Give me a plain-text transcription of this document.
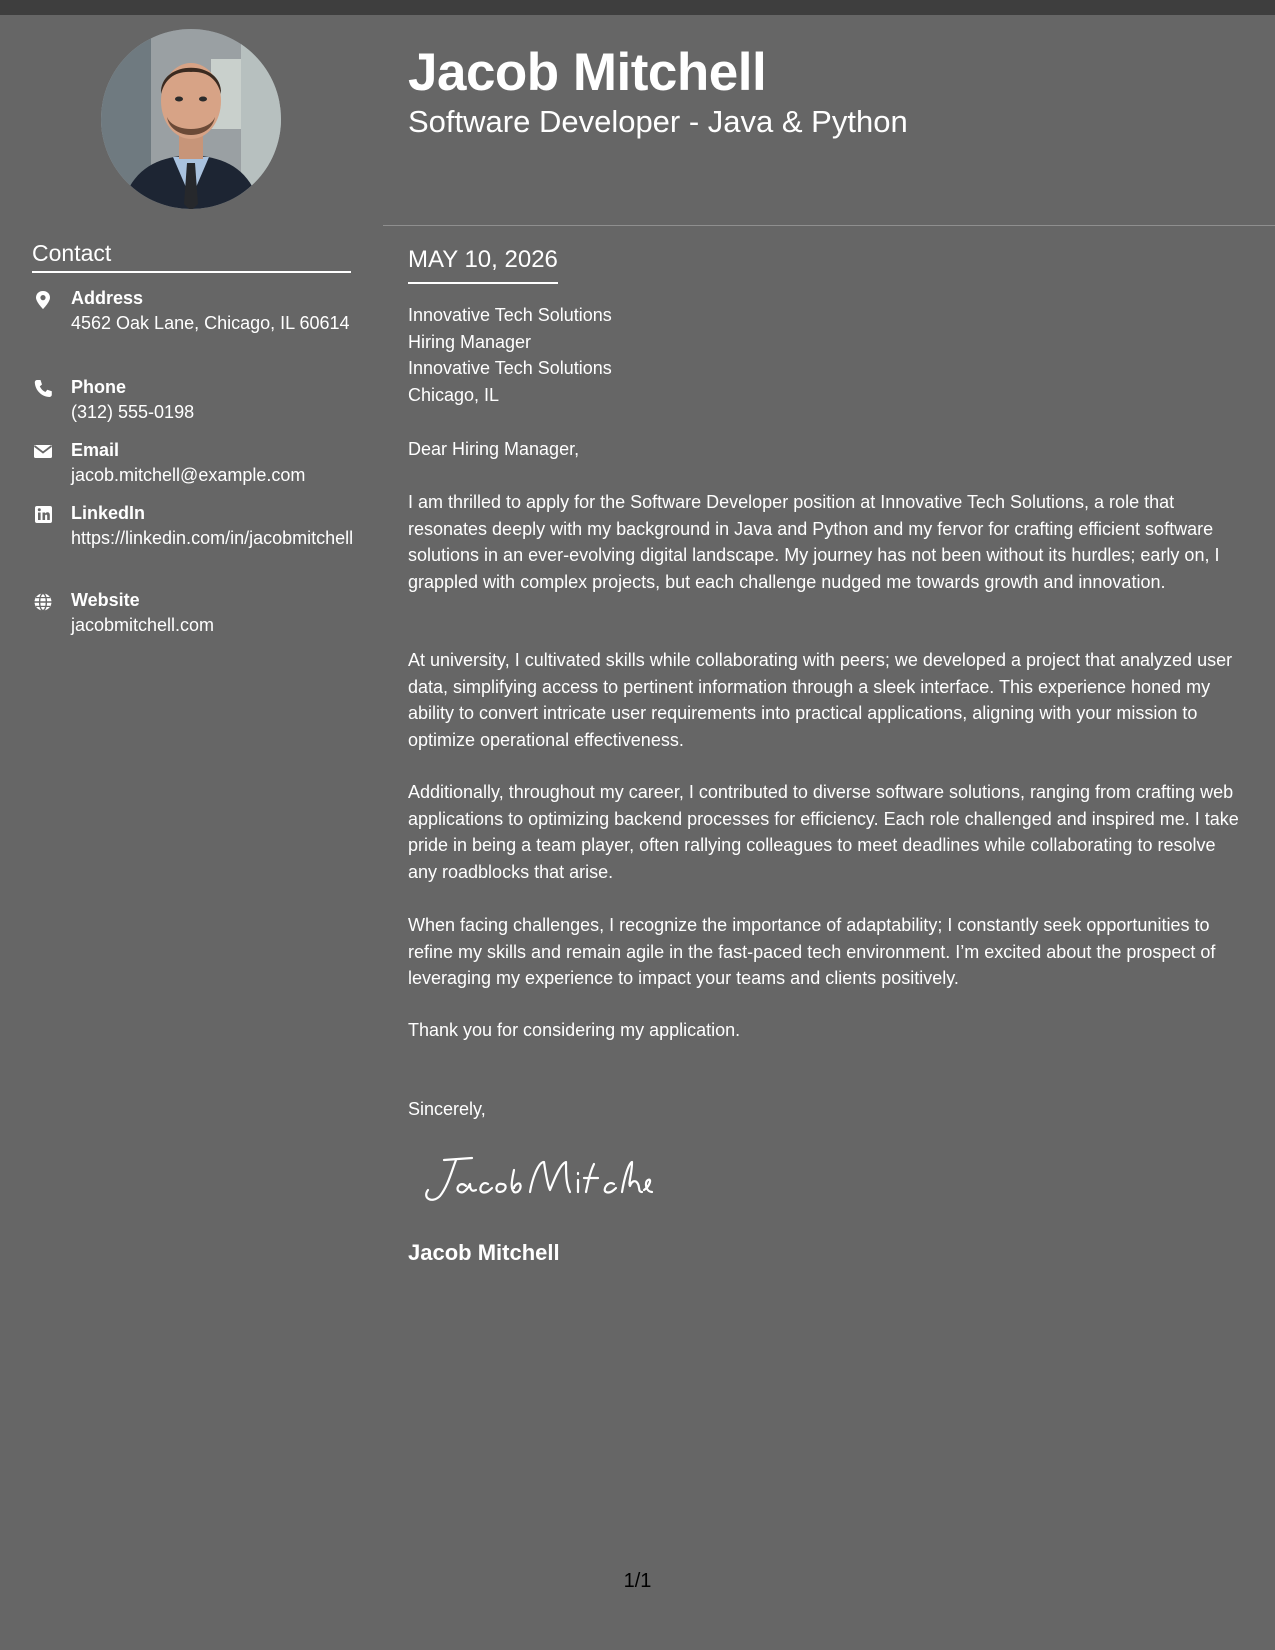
Jacob Mitchell
Software Developer - Java & Python
Contact
Address
4562 Oak Lane, Chicago, IL 60614
Phone
(312) 555-0198
Email
jacob.mitchell@example.com
LinkedIn
https://linkedin.com/in/jacobmitchell
Website
jacobmitchell.com
MAY 10, 2026
Innovative Tech Solutions
Hiring Manager
Innovative Tech Solutions
Chicago, IL
Dear Hiring Manager,
I am thrilled to apply for the Software Developer position at Innovative Tech Solutions, a role that resonates deeply with my background in Java and Python and my fervor for crafting efficient software solutions in an ever-evolving digital landscape. My journey has not been without its hurdles; early on, I grappled with complex projects, but each challenge nudged me towards growth and innovation.
At university, I cultivated skills while collaborating with peers; we developed a project that analyzed user data, simplifying access to pertinent information through a sleek interface. This experience honed my ability to convert intricate user requirements into practical applications, aligning with your mission to optimize operational effectiveness.
Additionally, throughout my career, I contributed to diverse software solutions, ranging from crafting web applications to optimizing backend processes for efficiency. Each role challenged and inspired me. I take pride in being a team player, often rallying colleagues to meet deadlines while collaborating to resolve any roadblocks that arise.
When facing challenges, I recognize the importance of adaptability; I constantly seek opportunities to refine my skills and remain agile in the fast-paced tech environment. I’m excited about the prospect of leveraging my experience to impact your teams and clients positively.
Thank you for considering my application.
Sincerely,
Jacob Mitchell
1/1
